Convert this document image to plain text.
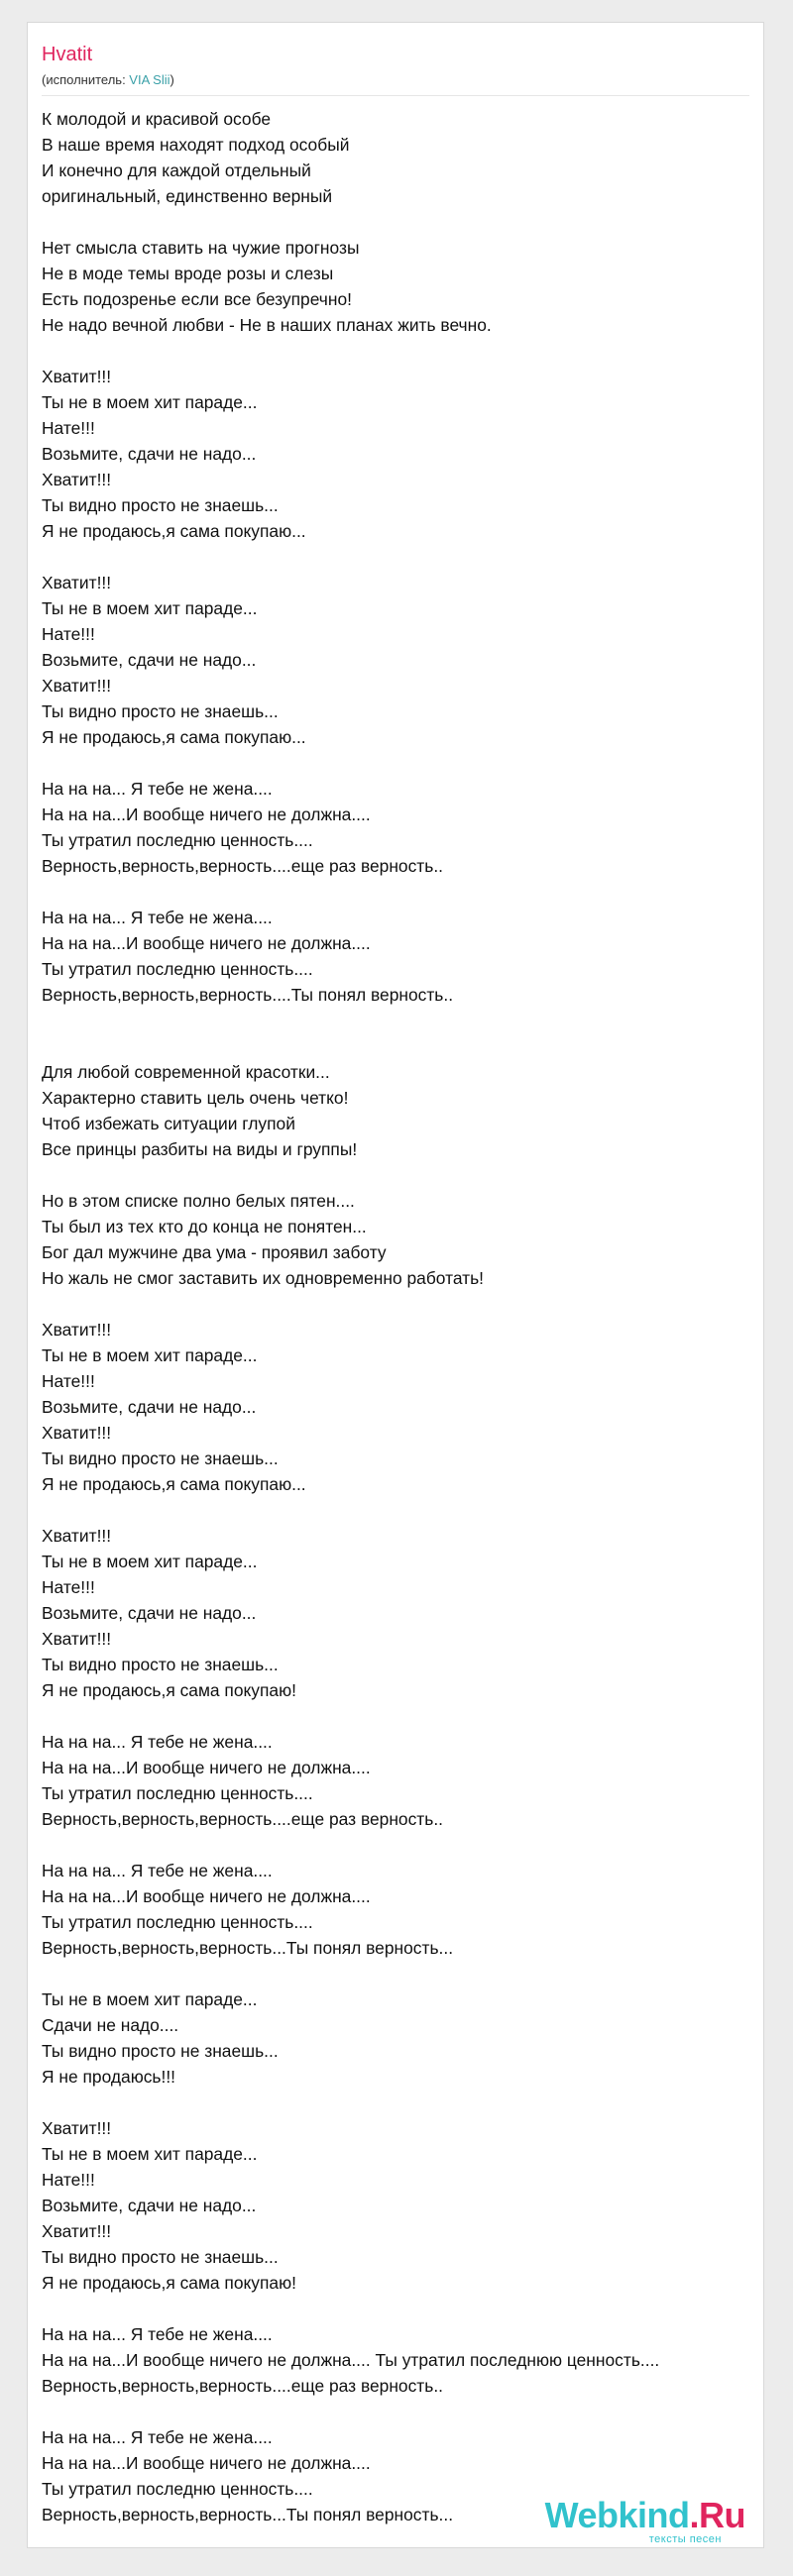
Hvatit
(исполнитель: VIA Slii)
К молодой и красивой особе
В наше время находят подход особый
И конечно для каждой отдельный
оригинальный, единственно верный
Нет смысла ставить на чужие прогнозы
Не в моде темы вроде розы и слезы
Есть подозренье если все безупречно!
Не надо вечной любви - Не в наших планах жить вечно.
Хватит!!!
Ты не в моем хит параде...
Нате!!!
Возьмите, сдачи не надо...
Хватит!!!
Ты видно просто не знаешь...
Я не продаюсь,я сама покупаю...
Хватит!!!
Ты не в моем хит параде...
Нате!!!
Возьмите, сдачи не надо...
Хватит!!!
Ты видно просто не знаешь...
Я не продаюсь,я сама покупаю...
На на на... Я тебе не жена....
На на на...И вообще ничего не должна....
Ты утратил последню ценность....
Верность,верность,верность....еще раз верность..
На на на... Я тебе не жена....
На на на...И вообще ничего не должна....
Ты утратил последню ценность....
Верность,верность,верность....Ты понял верность..
Для любой современной красотки...
Характерно ставить цель очень четко!
Чтоб избежать ситуации глупой
Все принцы разбиты на виды и группы!
Но в этом списке полно белых пятен....
Ты был из тех кто до конца не понятен...
Бог дал мужчине два ума - проявил заботу
Но жаль не смог заставить их одновременно работать!
Хватит!!!
Ты не в моем хит параде...
Нате!!!
Возьмите, сдачи не надо...
Хватит!!!
Ты видно просто не знаешь...
Я не продаюсь,я сама покупаю...
Хватит!!!
Ты не в моем хит параде...
Нате!!!
Возьмите, сдачи не надо...
Хватит!!!
Ты видно просто не знаешь...
Я не продаюсь,я сама покупаю!
На на на... Я тебе не жена....
На на на...И вообще ничего не должна....
Ты утратил последню ценность....
Верность,верность,верность....еще раз верность..
На на на... Я тебе не жена....
На на на...И вообще ничего не должна....
Ты утратил последню ценность....
Верность,верность,верность...Ты понял верность...
Ты не в моем хит параде...
Сдачи не надо....
Ты видно просто не знаешь...
Я не продаюсь!!!
Хватит!!!
Ты не в моем хит параде...
Нате!!!
Возьмите, сдачи не надо...
Хватит!!!
Ты видно просто не знаешь...
Я не продаюсь,я сама покупаю!
На на на... Я тебе не жена....
На на на...И вообще ничего не должна.... Ты утратил последнюю ценность....
Верность,верность,верность....еще раз верность..
На на на... Я тебе не жена....
На на на...И вообще ничего не должна....
Ты утратил последню ценность....
Верность,верность,верность...Ты понял верность...	Webkind.Ru
тексты песен
